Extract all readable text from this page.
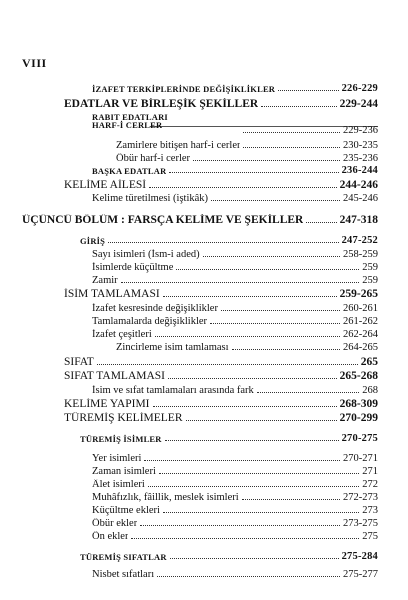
VIII
İZAFET TERKİPLERİNDE DEĞİŞİKLİKLER	226-229
EDATLAR VE BİRLEŞİK ŞEKİLLER	229-244
RABIT EDATLARI
HARF-İ CERLER	229-236
Zamirlere bitişen harf-i cerler	230-235
Öbür harf-i cerler	235-236
BAŞKA EDATLAR	236-244
KELİME AİLESİ	244-246
Kelime türetilmesi (iştikâk)	245-246
ÜÇÜNCÜ BÖLÜM : FARSÇA KELİME VE ŞEKİLLER	247-318
GİRİŞ	247-252
Sayı isimleri (İsm-i aded)	258-259
İsimlerde küçültme	259
Zamir	259
İSİM TAMLAMASI	259-265
İzafet kesresinde değişiklikler	260-261
Tamlamalarda değişiklikler	261-262
İzafet çeşitleri	262-264
Zincirleme isim tamlaması	264-265
SIFAT	265
SIFAT TAMLAMASI	265-268
İsim ve sıfat tamlamaları arasında fark	268
KELİME YAPIMI	268-309
TÜREMİŞ KELİMELER	270-299
TÜREMİŞ İSİMLER	270-275
Yer isimleri	270-271
Zaman isimleri	271
Âlet isimleri	272
Muhâfızlık, fâillik, meslek isimleri	272-273
Küçültme ekleri	273
Öbür ekler	273-275
Ön ekler	275
TÜREMİŞ SIFATLAR	275-284
Nisbet sıfatları	275-277
